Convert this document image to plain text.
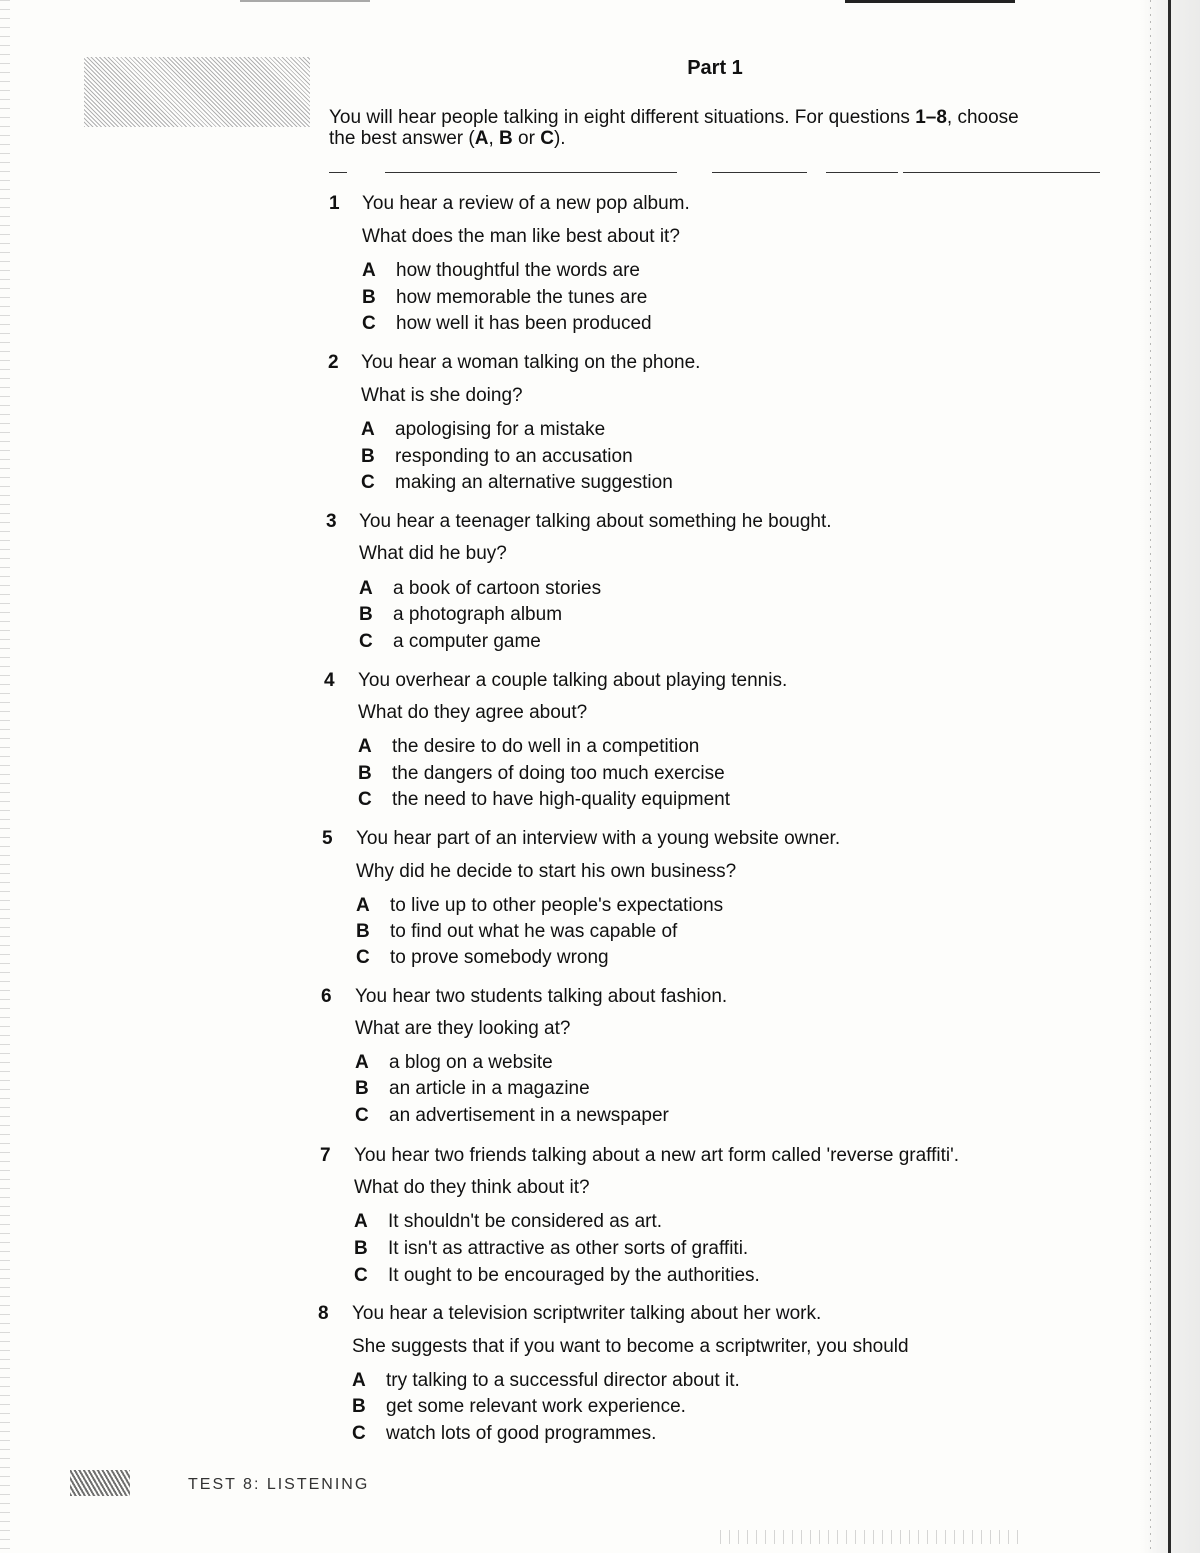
Part 1
You will hear people talking in eight different situations. For questions 1–8, choose
the best answer (A, B or C).
1 You hear a review of a new pop album.
What does the man like best about it?
A how thoughtful the words are
B how memorable the tunes are
C how well it has been produced
2 You hear a woman talking on the phone.
What is she doing?
A apologising for a mistake
B responding to an accusation
C making an alternative suggestion
3 You hear a teenager talking about something he bought.
What did he buy?
A a book of cartoon stories
B a photograph album
C a computer game
4 You overhear a couple talking about playing tennis.
What do they agree about?
A the desire to do well in a competition
B the dangers of doing too much exercise
C the need to have high-quality equipment
5 You hear part of an interview with a young website owner.
Why did he decide to start his own business?
A to live up to other people's expectations
B to find out what he was capable of
C to prove somebody wrong
6 You hear two students talking about fashion.
What are they looking at?
A a blog on a website
B an article in a magazine
C an advertisement in a newspaper
7 You hear two friends talking about a new art form called 'reverse graffiti'.
What do they think about it?
A It shouldn't be considered as art.
B It isn't as attractive as other sorts of graffiti.
C It ought to be encouraged by the authorities.
8 You hear a television scriptwriter talking about her work.
She suggests that if you want to become a scriptwriter, you should
A try talking to a successful director about it.
B get some relevant work experience.
C watch lots of good programmes.
TEST 8: LISTENING
